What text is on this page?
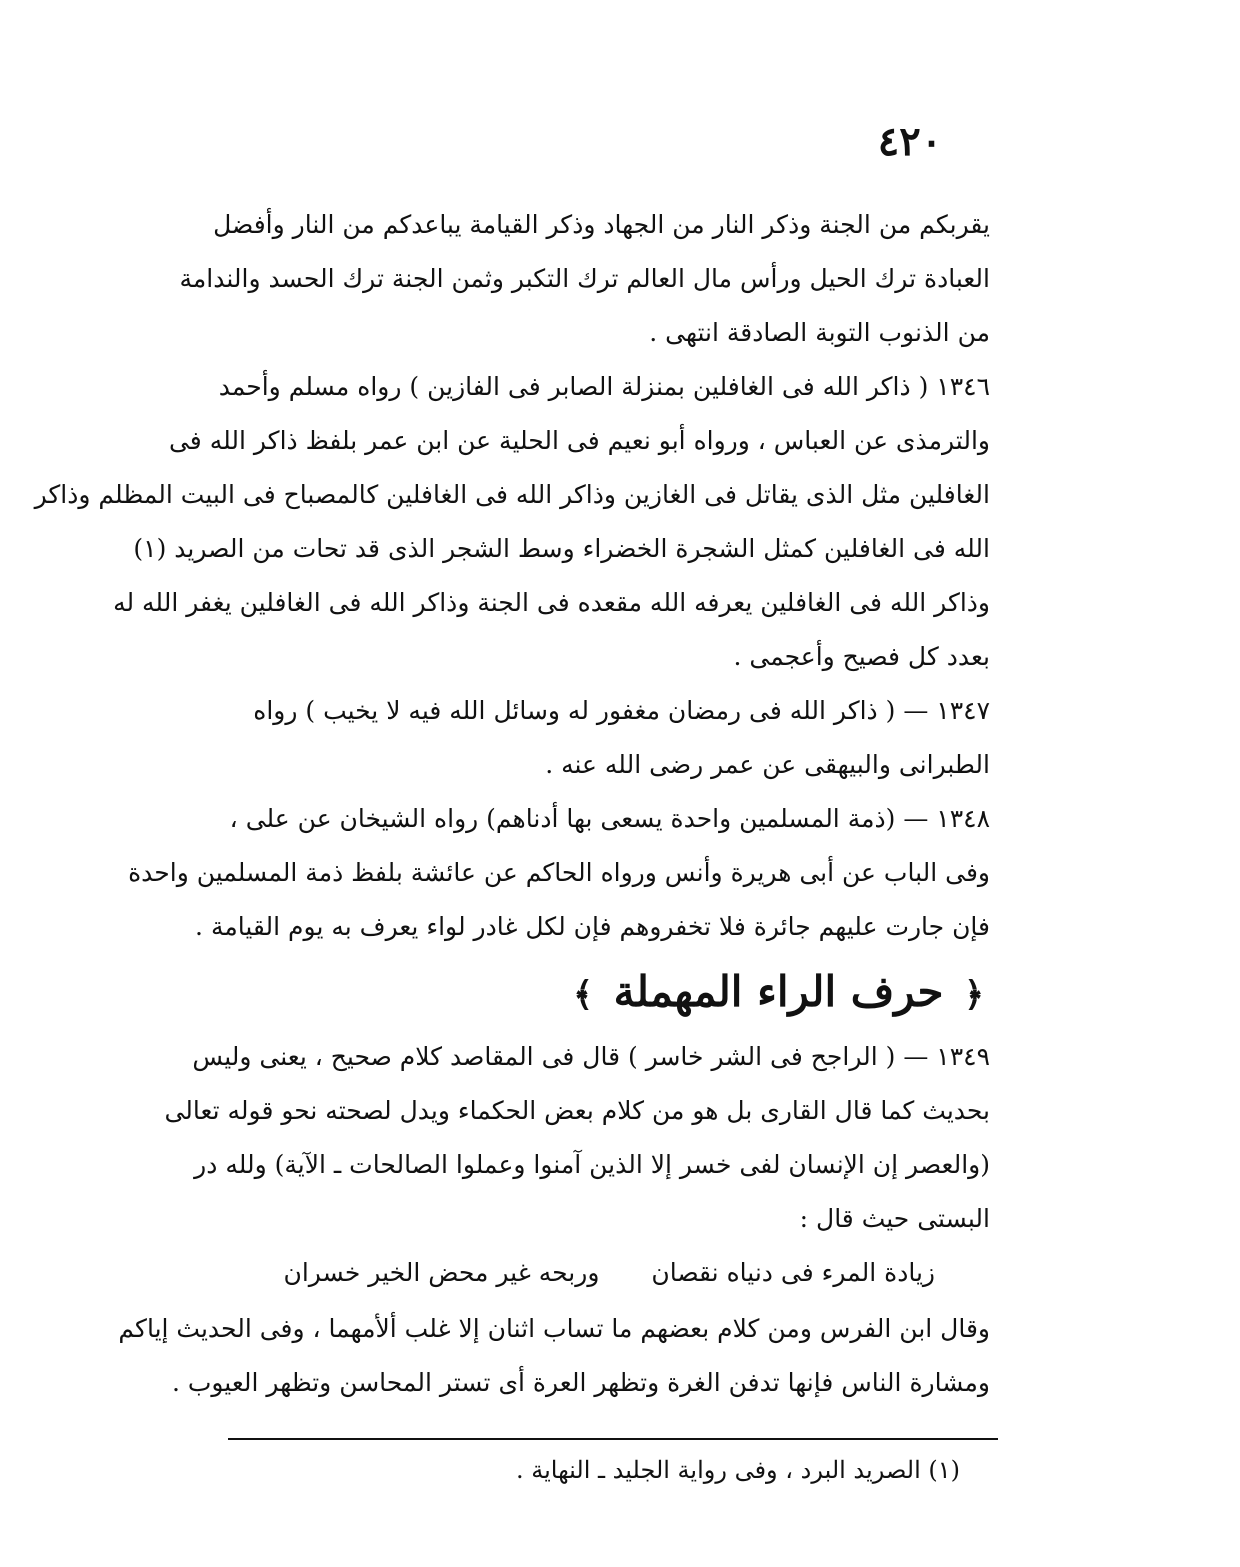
٤٢٠
يقربكم من الجنة وذكر النار من الجهاد وذكر القيامة يباعدكم من النار وأفضل
العبادة ترك الحيل ورأس مال العالم ترك التكبر وثمن الجنة ترك الحسد والندامة
من الذنوب التوبة الصادقة انتهى .
١٣٤٦ ( ذاكر الله فى الغافلين بمنزلة الصابر فى الفازين ) رواه مسلم وأحمد
والترمذى عن العباس ، ورواه أبو نعيم فى الحلية عن ابن عمر بلفظ ذاكر الله فى
الغافلين مثل الذى يقاتل فى الغازين وذاكر الله فى الغافلين كالمصباح فى البيت المظلم وذاكر
الله فى الغافلين كمثل الشجرة الخضراء وسط الشجر الذى قد تحات من الصريد (١)
وذاكر الله فى الغافلين يعرفه الله مقعده فى الجنة وذاكر الله فى الغافلين يغفر الله له
بعدد كل فصيح وأعجمى .
١٣٤٧ — ( ذاكر الله فى رمضان مغفور له وسائل الله فيه لا يخيب ) رواه
الطبرانى والبيهقى عن عمر رضى الله عنه .
١٣٤٨ — (ذمة المسلمين واحدة يسعى بها أدناهم) رواه الشيخان عن على ،
وفى الباب عن أبى هريرة وأنس ورواه الحاكم عن عائشة بلفظ ذمة المسلمين واحدة
فإن جارت عليهم جائرة فلا تخفروهم فإن لكل غادر لواء يعرف به يوم القيامة .
﴿ حرف الراء المهملة ﴾
١٣٤٩ — ( الراجح فى الشر خاسر ) قال فى المقاصد كلام صحيح ، يعنى وليس
بحديث كما قال القارى بل هو من كلام بعض الحكماء ويدل لصحته نحو قوله تعالى
(والعصر إن الإنسان لفى خسر إلا الذين آمنوا وعملوا الصالحات ـ الآية) ولله در
البستى حيث قال :
زيادة المرء فى دنياه نقصان وربحه غير محض الخير خسران
وقال ابن الفرس ومن كلام بعضهم ما تساب اثنان إلا غلب ألأمهما ، وفى الحديث إياكم
ومشارة الناس فإنها تدفن الغرة وتظهر العرة أى تستر المحاسن وتظهر العيوب .
(١) الصريد البرد ، وفى رواية الجليد ـ النهاية .
